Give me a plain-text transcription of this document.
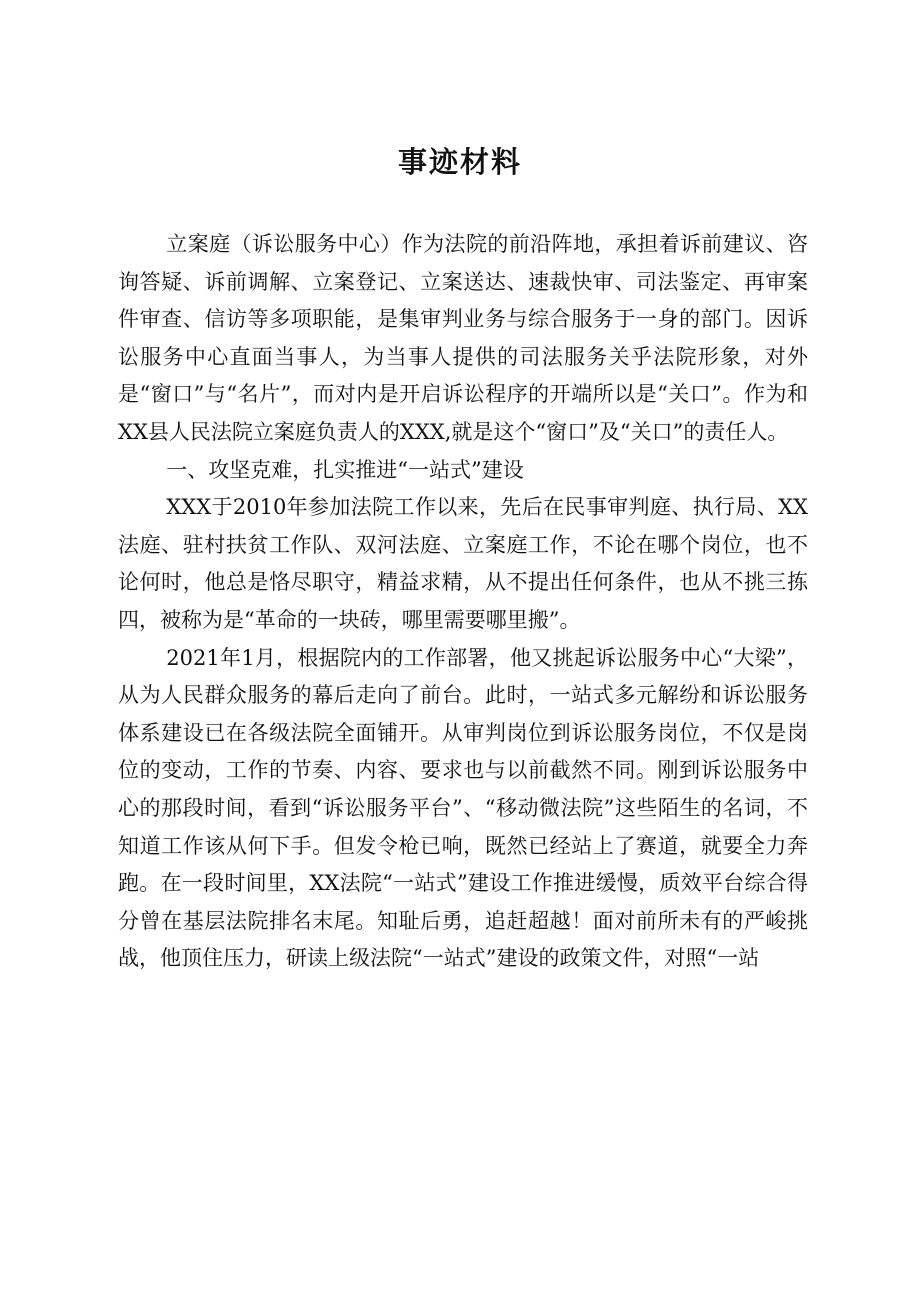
事迹材料

立案庭（诉讼服务中心）作为法院的前沿阵地，承担着诉前建议、咨询答疑、诉前调解、立案登记、立案送达、速裁快审、司法鉴定、再审案件审查、信访等多项职能，是集审判业务与综合服务于一身的部门。因诉讼服务中心直面当事人，为当事人提供的司法服务关乎法院形象，对外是“窗口”与“名片”，而对内是开启诉讼程序的开端所以是“关口”。作为和XX县人民法院立案庭负责人的XXX,就是这个“窗口”及“关口”的责任人。

一、攻坚克难，扎实推进“一站式”建设

XXX于2010年参加法院工作以来，先后在民事审判庭、执行局、XX法庭、驻村扶贫工作队、双河法庭、立案庭工作，不论在哪个岗位，也不论何时，他总是恪尽职守，精益求精，从不提出任何条件，也从不挑三拣四，被称为是“革命的一块砖，哪里需要哪里搬”。

2021年1月，根据院内的工作部署，他又挑起诉讼服务中心“大梁”，从为人民群众服务的幕后走向了前台。此时，一站式多元解纷和诉讼服务体系建设已在各级法院全面铺开。从审判岗位到诉讼服务岗位，不仅是岗位的变动，工作的节奏、内容、要求也与以前截然不同。刚到诉讼服务中心的那段时间，看到“诉讼服务平台”、“移动微法院”这些陌生的名词，不知道工作该从何下手。但发令枪已响，既然已经站上了赛道，就要全力奔跑。在一段时间里，XX法院“一站式”建设工作推进缓慢，质效平台综合得分曾在基层法院排名末尾。知耻后勇，追赶超越！面对前所未有的严峻挑战，他顶住压力，研读上级法院“一站式”建设的政策文件，对照“一站
